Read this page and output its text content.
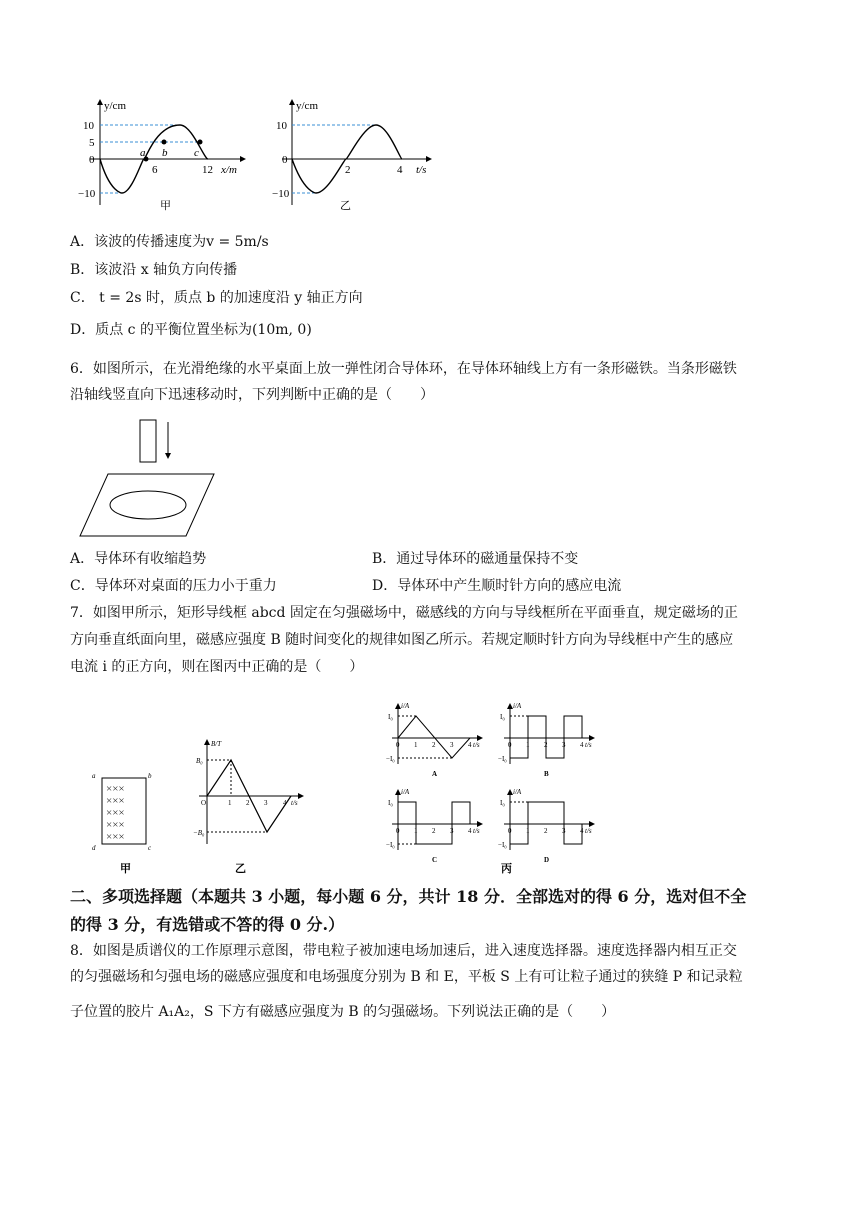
y/cm
10
5
0
−10
6	12 x/m
a b c
甲
y/cm
10
0
−10
2	4 t/s
乙
A．该波的传播速度为v = 5m/s
B．该波沿 x 轴负方向传播
C． t = 2s 时，质点 b 的加速度沿 y 轴正方向
D．质点 c 的平衡位置坐标为(10m, 0)
6．如图所示，在光滑绝缘的水平桌面上放一弹性闭合导体环，在导体环轴线上方有一条形磁铁。当条形磁铁
沿轴线竖直向下迅速移动时，下列判断中正确的是（　　）
A．导体环有收缩趋势	B．通过导体环的磁通量保持不变
C．导体环对桌面的压力小于重力	D．导体环中产生顺时针方向的感应电流
7．如图甲所示，矩形导线框 abcd 固定在匀强磁场中，磁感线的方向与导线框所在平面垂直，规定磁场的正
方向垂直纸面向里，磁感应强度 B 随时间变化的规律如图乙所示。若规定顺时针方向为导线框中产生的感应
电流 i 的正方向，则在图丙中正确的是（　　）
×××
×××
×××
×××
×××
a	b
c
d
甲
B/T
B₀
−B₀
O	1 2 3 4 t/s
乙
i/A
I₀
−I₀
0 1 2 3 4 t/s
A
i/A
I₀
−I₀
0 1 2 3 4 t/s
B
i/A
I₀
−I₀
0 1 2 3 4 t/s
C
i/A
I₀
−I₀
0 1 2 3 4 t/s
D
丙
二、多项选择题（本题共 3 小题，每小题 6 分，共计 18 分．全部选对的得 6 分，选对但不全
的得 3 分，有选错或不答的得 0 分.）
8．如图是质谱仪的工作原理示意图，带电粒子被加速电场加速后，进入速度选择器。速度选择器内相互正交
的匀强磁场和匀强电场的磁感应强度和电场强度分别为 B 和 E，平板 S 上有可让粒子通过的狭缝 P 和记录粒
子位置的胶片 A₁A₂，S 下方有磁感应强度为 B 的匀强磁场。下列说法正确的是（　　）
